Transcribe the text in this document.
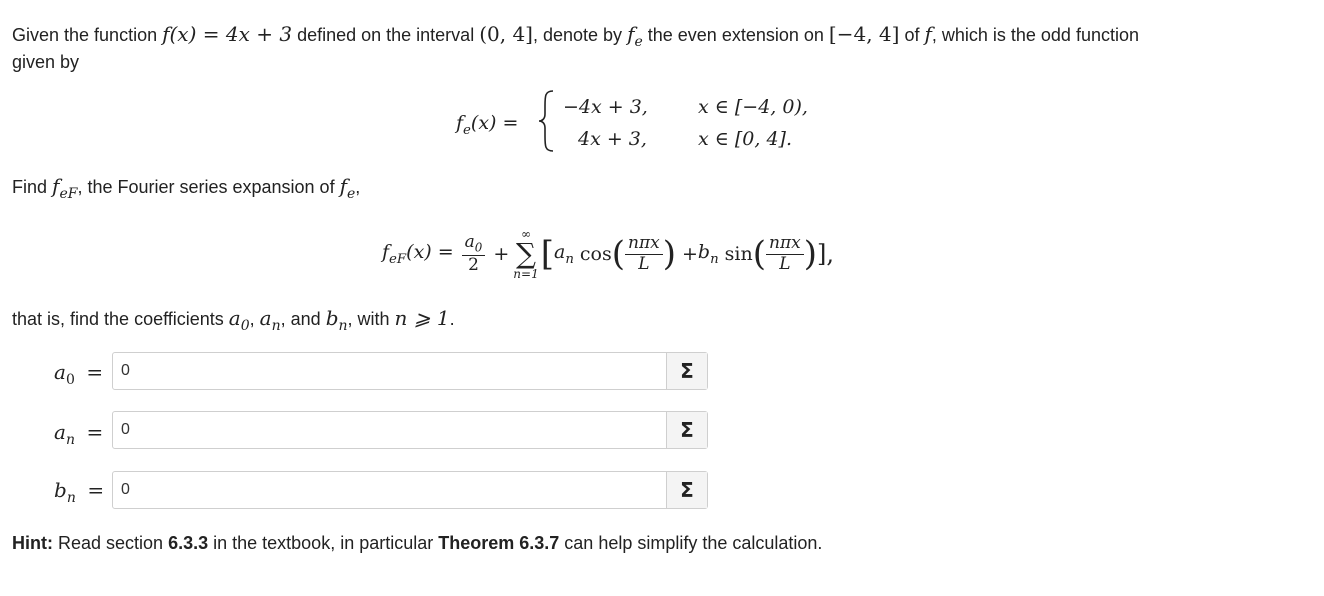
Given the function f(x) = 4x + 3 defined on the interval (0, 4], denote by $f_e$ the even extension on [−4, 4] of f, which is the odd function
given by
$f_e(x)$ =
−4x + 3,	x ∈ [−4, 0),
4x + 3,	x ∈ [0, 4].
Find $f_{eF}$, the Fourier series expansion of $f_e$,
$f_{eF}(x) = \frac{a_0}{2}$ +
∞
∑
n=1 [ $a_n$ cos ( $\frac{\text{nπx}}{L}$ ) + $b_n$ sin ( $\frac{\text{nπx}}{L}$ ) ],
that is, find the coefficients $a_0$, $a_n$, and $b_n$, with n ⩾ 1.
$a_0$ =
0	Σ
$a_n$ =
0	Σ
$b_n$ =
0	Σ
Hint: Read section 6.3.3 in the textbook, in particular Theorem 6.3.7 can help simplify the calculation.
